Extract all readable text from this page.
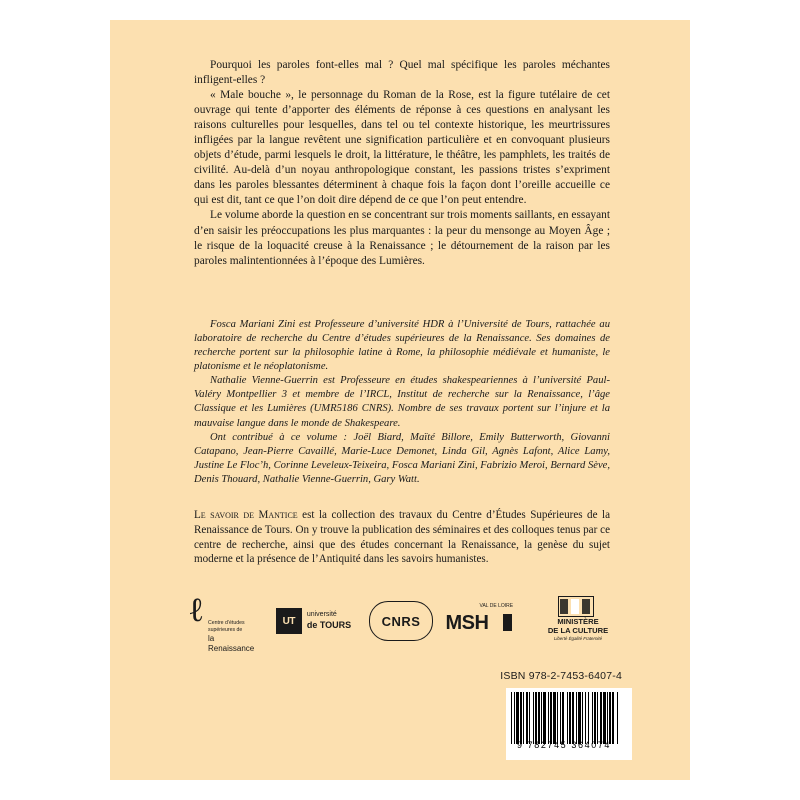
Pourquoi les paroles font-elles mal ? Quel mal spécifique les paroles méchantes infligent-elles ?

« Male bouche », le personnage du Roman de la Rose, est la figure tutélaire de cet ouvrage qui tente d’apporter des éléments de réponse à ces questions en analysant les raisons culturelles pour lesquelles, dans tel ou tel contexte historique, les meurtrissures infligées par la langue revêtent une signification particulière et en convoquant plusieurs objets d’étude, parmi lesquels le droit, la littérature, le théâtre, les pamphlets, les traités de civilité. Au-delà d’un noyau anthropologique constant, les passions tristes s’expriment dans les paroles blessantes déterminent à chaque fois la façon dont l’oreille accueille ce qui est dit, tant ce que l’on doit dire dépend de ce que l’on peut entendre.

Le volume aborde la question en se concentrant sur trois moments saillants, en essayant d’en saisir les préoccupations les plus marquantes : la peur du mensonge au Moyen Âge ; le risque de la loquacité creuse à la Renaissance ; le détournement de la raison par les paroles malintentionnées à l’époque des Lumières.

Fosca Mariani Zini est Professeure d’université HDR à l’Université de Tours, rattachée au laboratoire de recherche du Centre d’études supérieures de la Renaissance. Ses domaines de recherche portent sur la philosophie latine à Rome, la philosophie médiévale et humaniste, le platonisme et le néoplatonisme.

Nathalie Vienne-Guerrin est Professeure en études shakespeariennes à l’université Paul-Valéry Montpellier 3 et membre de l’IRCL, Institut de recherche sur la Renaissance, l’âge Classique et les Lumières (UMR5186 CNRS). Nombre de ses travaux portent sur l’injure et la mauvaise langue dans le monde de Shakespeare.

Ont contribué à ce volume : Joël Biard, Maïté Billore, Emily Butterworth, Giovanni Catapano, Jean-Pierre Cavaillé, Marie-Luce Demonet, Linda Gil, Agnès Lafont, Alice Lamy, Justine Le Floc’h, Corinne Leveleux-Teixeira, Fosca Mariani Zini, Fabrizio Meroi, Bernard Sève, Denis Thouard, Nathalie Vienne-Guerrin, Gary Watt.

Le savoir de Mantice est la collection des travaux du Centre d’Études Supérieures de la Renaissance de Tours. On y trouve la publication des séminaires et des colloques tenus par ce centre de recherche, ainsi que des études concernant la Renaissance, la genèse du sujet moderne et la présence de l’Antiquité dans les savoirs humanistes.

ℓ Centre d’études supérieures de
la Renaissance
UT
université
de TOURS CNRS
VAL DE LOIRE
MSH	MINISTÈRE
DE LA CULTURE
Liberté Égalité Fraternité
ISBN 978-2-7453-6407-4
9 782745 364074
